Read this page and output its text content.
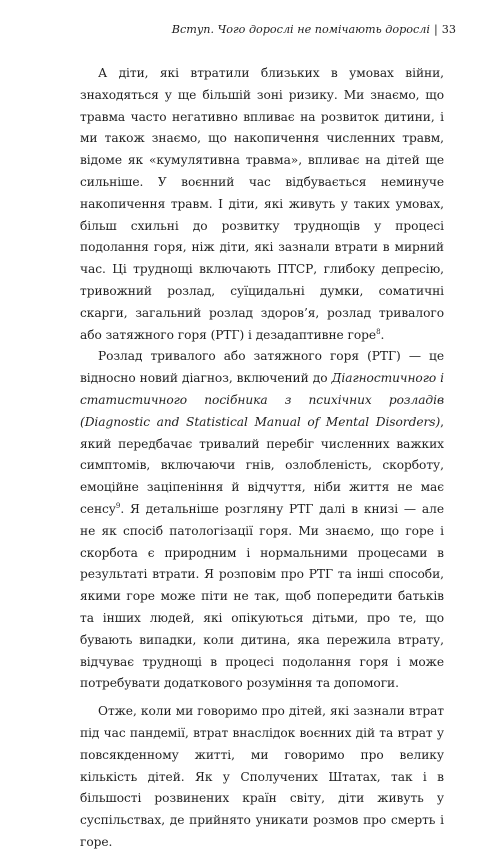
Вступ. Чого дорослі не помічають дорослі | 33

А діти, які втратили близьких в умовах війни, знаходяться у ще більшій зоні ризику. Ми знаємо, що травма часто негативно впливає на розвиток дитини, і ми також знаємо, що накопичення численних травм, відоме як «кумулятивна травма», впливає на дітей ще сильніше. У воєнний час відбувається неминуче накопичення травм. І діти, які живуть у таких умовах, більш схильні до розвитку труднощів у процесі подолання горя, ніж діти, які зазнали втрати в мирний час. Ці труднощі включають ПТСР, глибоку депресію, тривожний розлад, суїцидальні думки, соматичні скарги, загальний розлад здоров’я, розлад тривалого або затяжного горя (РТГ) і дезадаптивне горе$^8$.

Розлад тривалого або затяжного горя (РТГ) — це відносно новий діагноз, включений до Діагностичного і статистичного посібника з психічних розладів (Diagnostic and Statistical Manual of Mental Disorders), який передбачає тривалий перебіг численних важких симптомів, включаючи гнів, озлобленість, скорботу, емоційне заціпеніння й відчуття, ніби життя не має сенсу$^9$. Я детальніше розгляну РТГ далі в книзі — але не як спосіб патологізації горя. Ми знаємо, що горе і скорбота є природним і нормальними процесами в результаті втрати. Я розповім про РТГ та інші способи, якими горе може піти не так, щоб попередити батьків та інших людей, які опікуються дітьми, про те, що бувають випадки, коли дитина, яка пережила втрату, відчуває труднощі в процесі подолання горя і може потребувати додаткового розуміння та допомоги.

Отже, коли ми говоримо про дітей, які зазнали втрат під час пандемії, втрат внаслідок воєнних дій та втрат у повсякденному житті, ми говоримо про велику кількість дітей. Як у Сполучених Штатах, так і в більшості розвинених країн світу, діти живуть у суспільствах, де прийнято уникати розмов про смерть і горе.
